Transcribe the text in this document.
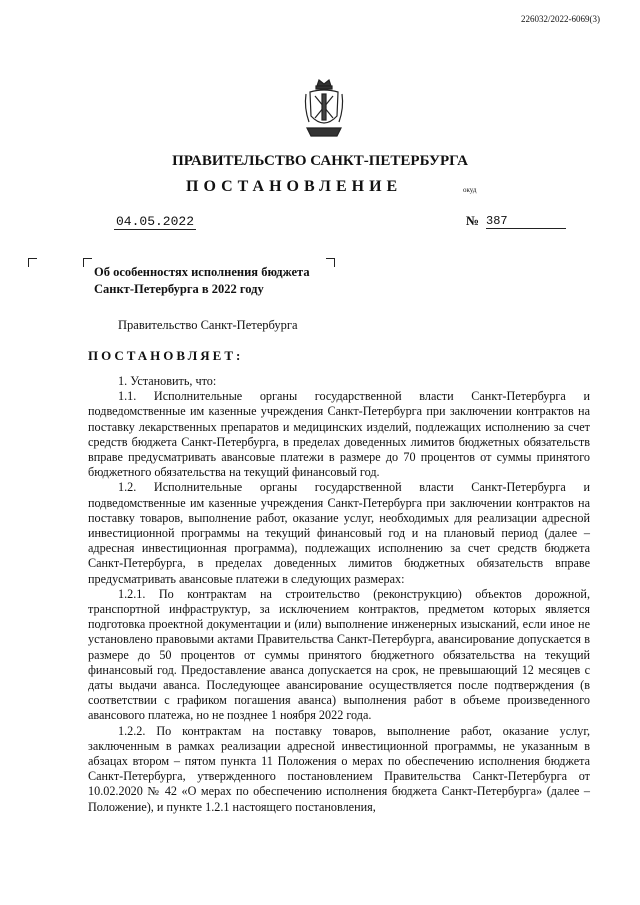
226032/2022-6069(3)
ПРАВИТЕЛЬСТВО САНКТ-ПЕТЕРБУРГА
ПОСТАНОВЛЕНИЕ	окуд
04.05.2022	№ 387
Об особенностях исполнения бюджета
Санкт-Петербурга в 2022 году
Правительство Санкт-Петербурга
ПОСТАНОВЛЯЕТ:

1. Установить, что:

1.1. Исполнительные органы государственной власти Санкт-Петербурга и подведомственные им казенные учреждения Санкт-Петербурга при заключении контрактов на поставку лекарственных препаратов и медицинских изделий, подлежащих исполнению за счет средств бюджета Санкт-Петербурга, в пределах доведенных лимитов бюджетных обязательств вправе предусматривать авансовые платежи в размере до 70 процентов от суммы принятого бюджетного обязательства на текущий финансовый год.

1.2. Исполнительные органы государственной власти Санкт-Петербурга и подведомственные им казенные учреждения Санкт-Петербурга при заключении контрактов на поставку товаров, выполнение работ, оказание услуг, необходимых для реализации адресной инвестиционной программы на текущий финансовый год и на плановый период (далее – адресная инвестиционная программа), подлежащих исполнению за счет средств бюджета Санкт-Петербурга, в пределах доведенных лимитов бюджетных обязательств вправе предусматривать авансовые платежи в следующих размерах:

1.2.1. По контрактам на строительство (реконструкцию) объектов дорожной, транспортной инфраструктур, за исключением контрактов, предметом которых является подготовка проектной документации и (или) выполнение инженерных изысканий, если иное не установлено правовыми актами Правительства Санкт-Петербурга, авансирование допускается в размере до 50 процентов от суммы принятого бюджетного обязательства на текущий финансовый год. Предоставление аванса допускается на срок, не превышающий 12 месяцев с даты выдачи аванса. Последующее авансирование осуществляется после подтверждения (в соответствии с графиком погашения аванса) выполнения работ в объеме произведенного авансового платежа, но не позднее 1 ноября 2022 года.

1.2.2. По контрактам на поставку товаров, выполнение работ, оказание услуг, заключенным в рамках реализации адресной инвестиционной программы, не указанным в абзацах втором – пятом пункта 11 Положения о мерах по обеспечению исполнения бюджета Санкт-Петербурга, утвержденного постановлением Правительства Санкт-Петербурга от 10.02.2020 № 42 «О мерах по обеспечению исполнения бюджета Санкт-Петербурга» (далее – Положение), и пункте 1.2.1 настоящего постановления,
